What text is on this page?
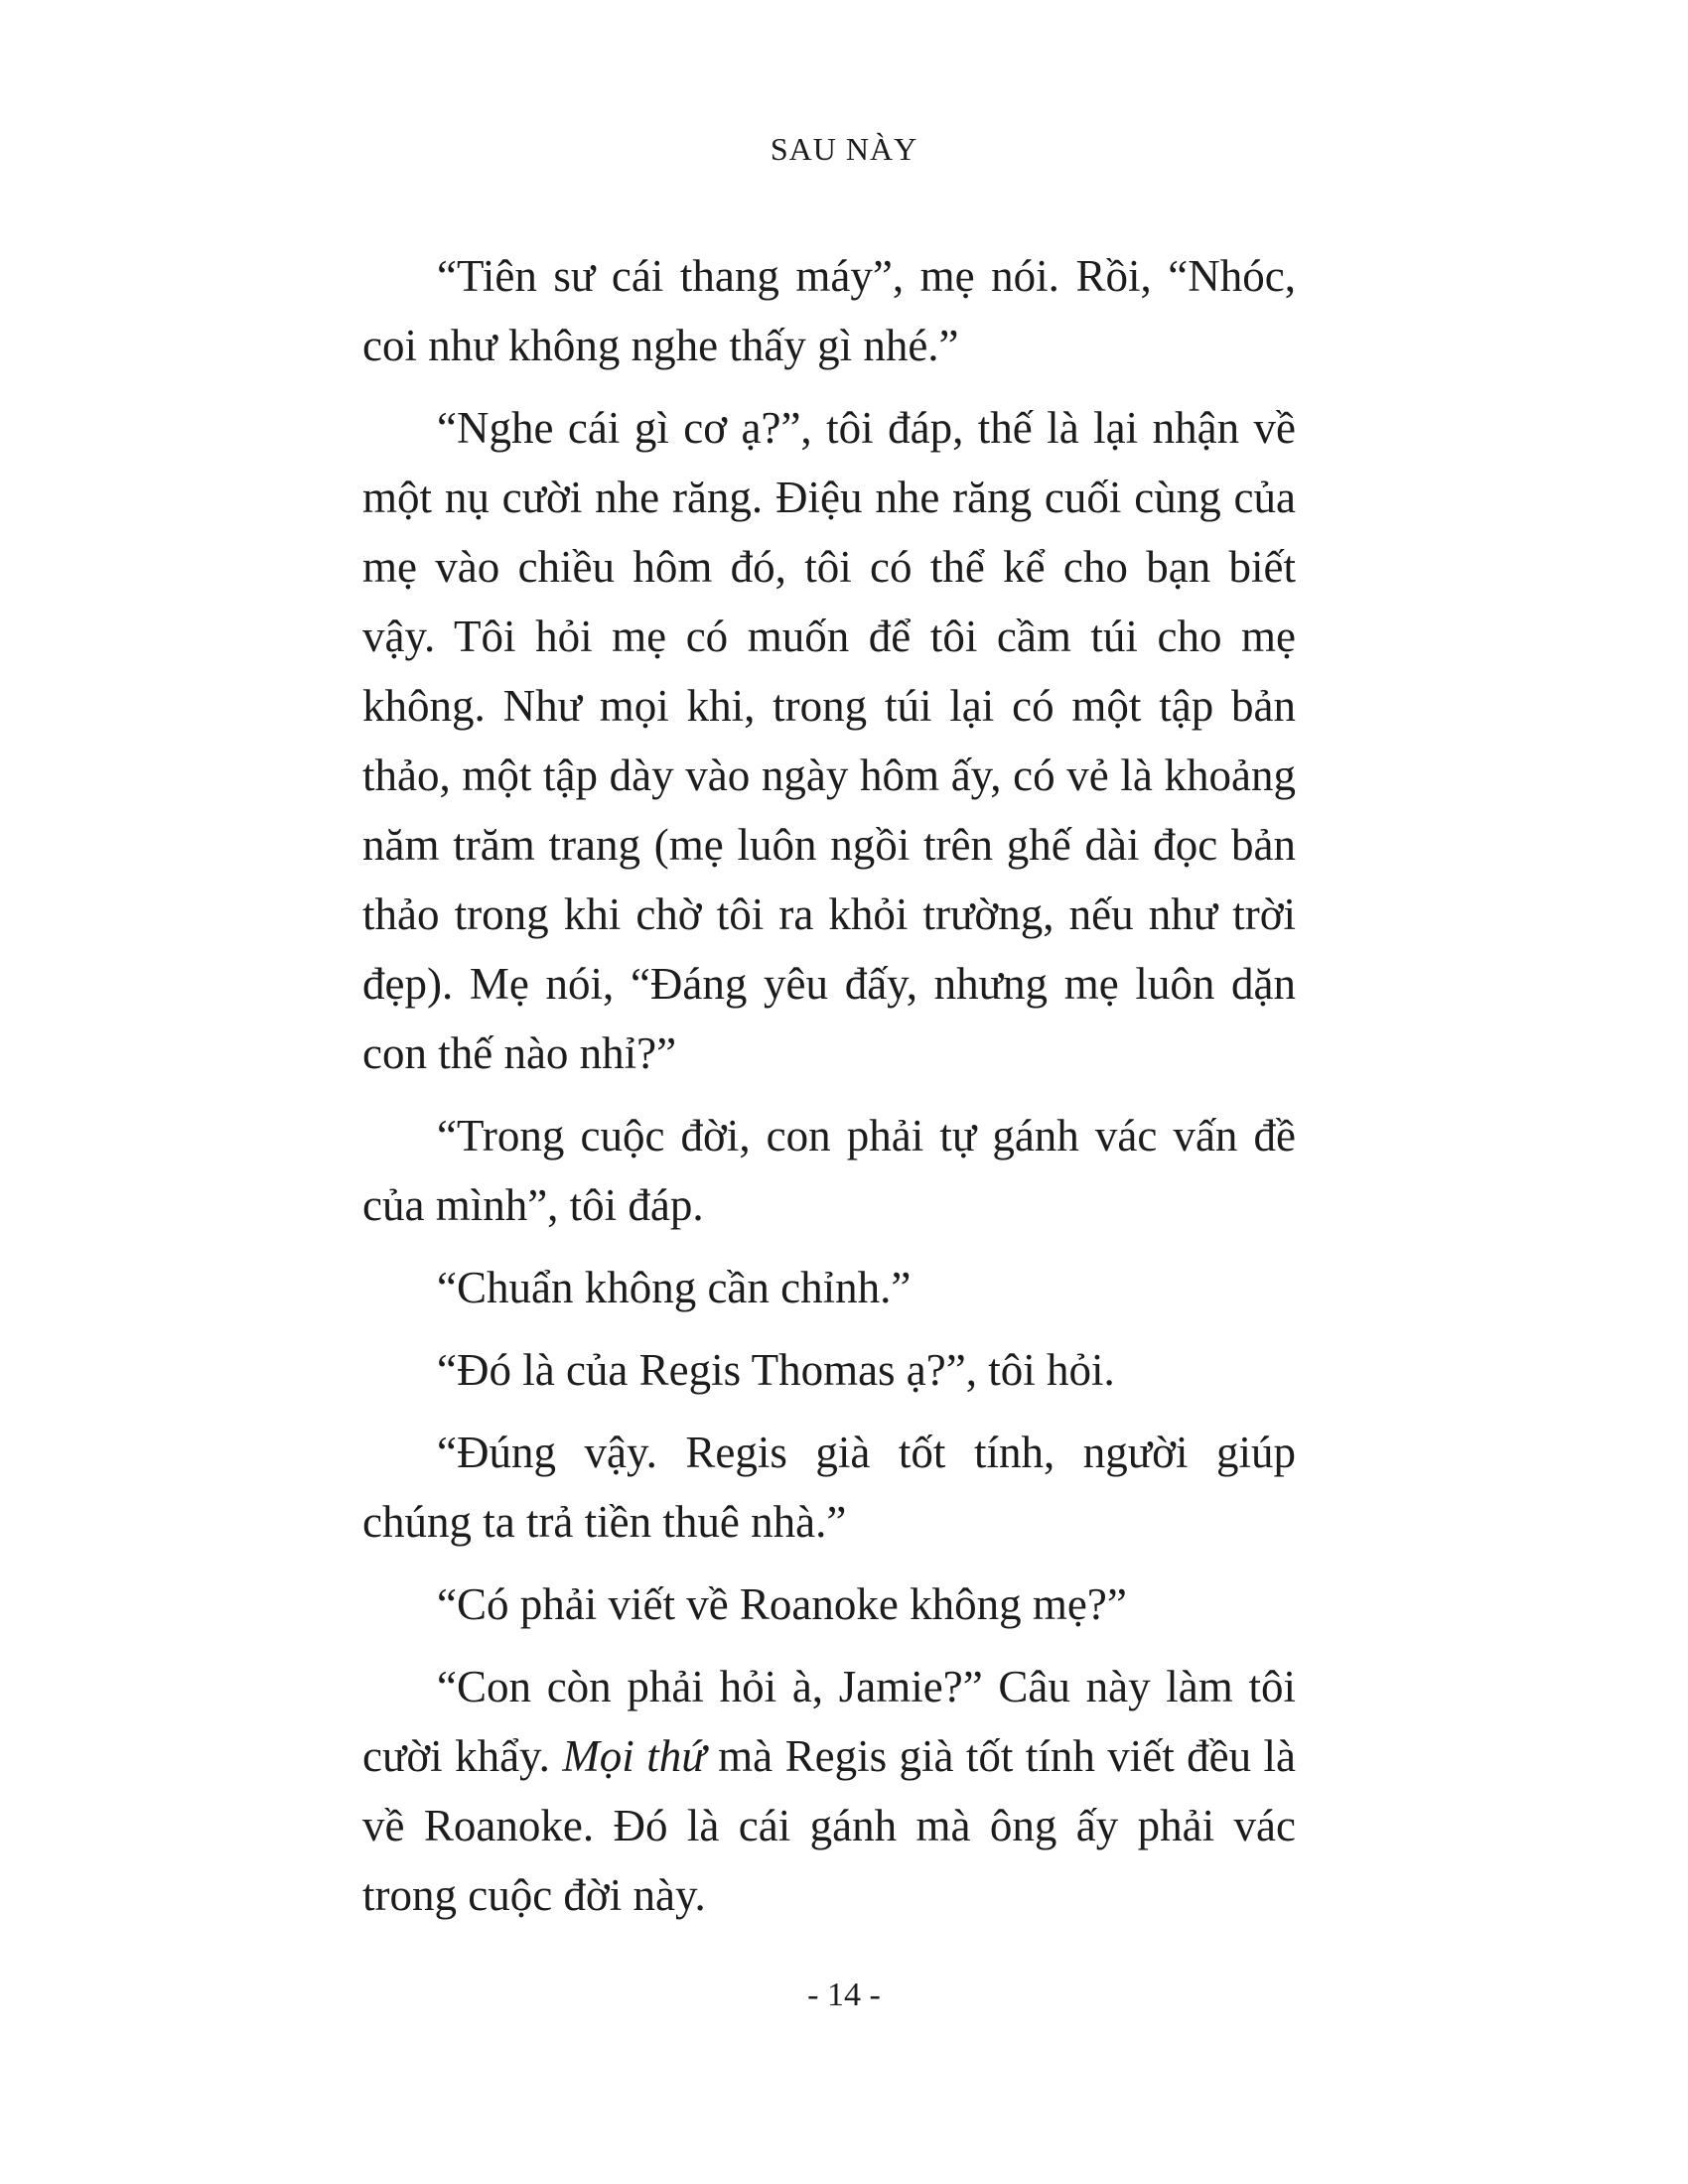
SAU NÀY

“Tiên sư cái thang máy”, mẹ nói. Rồi, “Nhóc, coi như không nghe thấy gì nhé.”

“Nghe cái gì cơ ạ?”, tôi đáp, thế là lại nhận về một nụ cười nhe răng. Điệu nhe răng cuối cùng của mẹ vào chiều hôm đó, tôi có thể kể cho bạn biết vậy. Tôi hỏi mẹ có muốn để tôi cầm túi cho mẹ không. Như mọi khi, trong túi lại có một tập bản thảo, một tập dày vào ngày hôm ấy, có vẻ là khoảng năm trăm trang (mẹ luôn ngồi trên ghế dài đọc bản thảo trong khi chờ tôi ra khỏi trường, nếu như trời đẹp). Mẹ nói, “Đáng yêu đấy, nhưng mẹ luôn dặn con thế nào nhỉ?”

“Trong cuộc đời, con phải tự gánh vác vấn đề của mình”, tôi đáp.

“Chuẩn không cần chỉnh.”

“Đó là của Regis Thomas ạ?”, tôi hỏi.

“Đúng vậy. Regis già tốt tính, người giúp chúng ta trả tiền thuê nhà.”

“Có phải viết về Roanoke không mẹ?”

“Con còn phải hỏi à, Jamie?” Câu này làm tôi cười khẩy. Mọi thứ mà Regis già tốt tính viết đều là về Roanoke. Đó là cái gánh mà ông ấy phải vác trong cuộc đời này.

- 14 -
